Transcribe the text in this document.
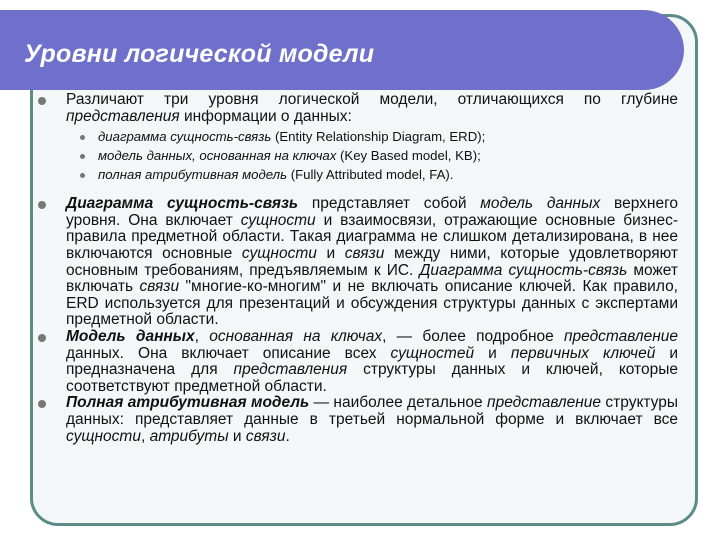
Уровни логической модели

Различают три уровня логической модели, отличающихся по глубине представления информации о данных:

диаграмма сущность-связь (Entity Relationship Diagram, ERD);
модель данных, основанная на ключах (Key Based model, KB);
полная атрибутивная модель (Fully Attributed model, FA).

Диаграмма сущность-связь представляет собой модель данных верхнего уровня. Она включает сущности и взаимосвязи, отражающие основные бизнес-правила предметной области. Такая диаграмма не слишком детализирована, в нее включаются основные сущности и связи между ними, которые удовлетворяют основным требованиям, предъявляемым к ИС. Диаграмма сущность-связь может включать связи "многие-ко-многим" и не включать описание ключей. Как правило, ERD используется для презентаций и обсуждения структуры данных с экспертами предметной области.

Модель данных, основанная на ключах, — более подробное представление данных. Она включает описание всех сущностей и первичных ключей и предназначена для представления структуры данных и ключей, которые соответствуют предметной области.

Полная атрибутивная модель — наиболее детальное представление структуры данных: представляет данные в третьей нормальной форме и включает все сущности, атрибуты и связи.
